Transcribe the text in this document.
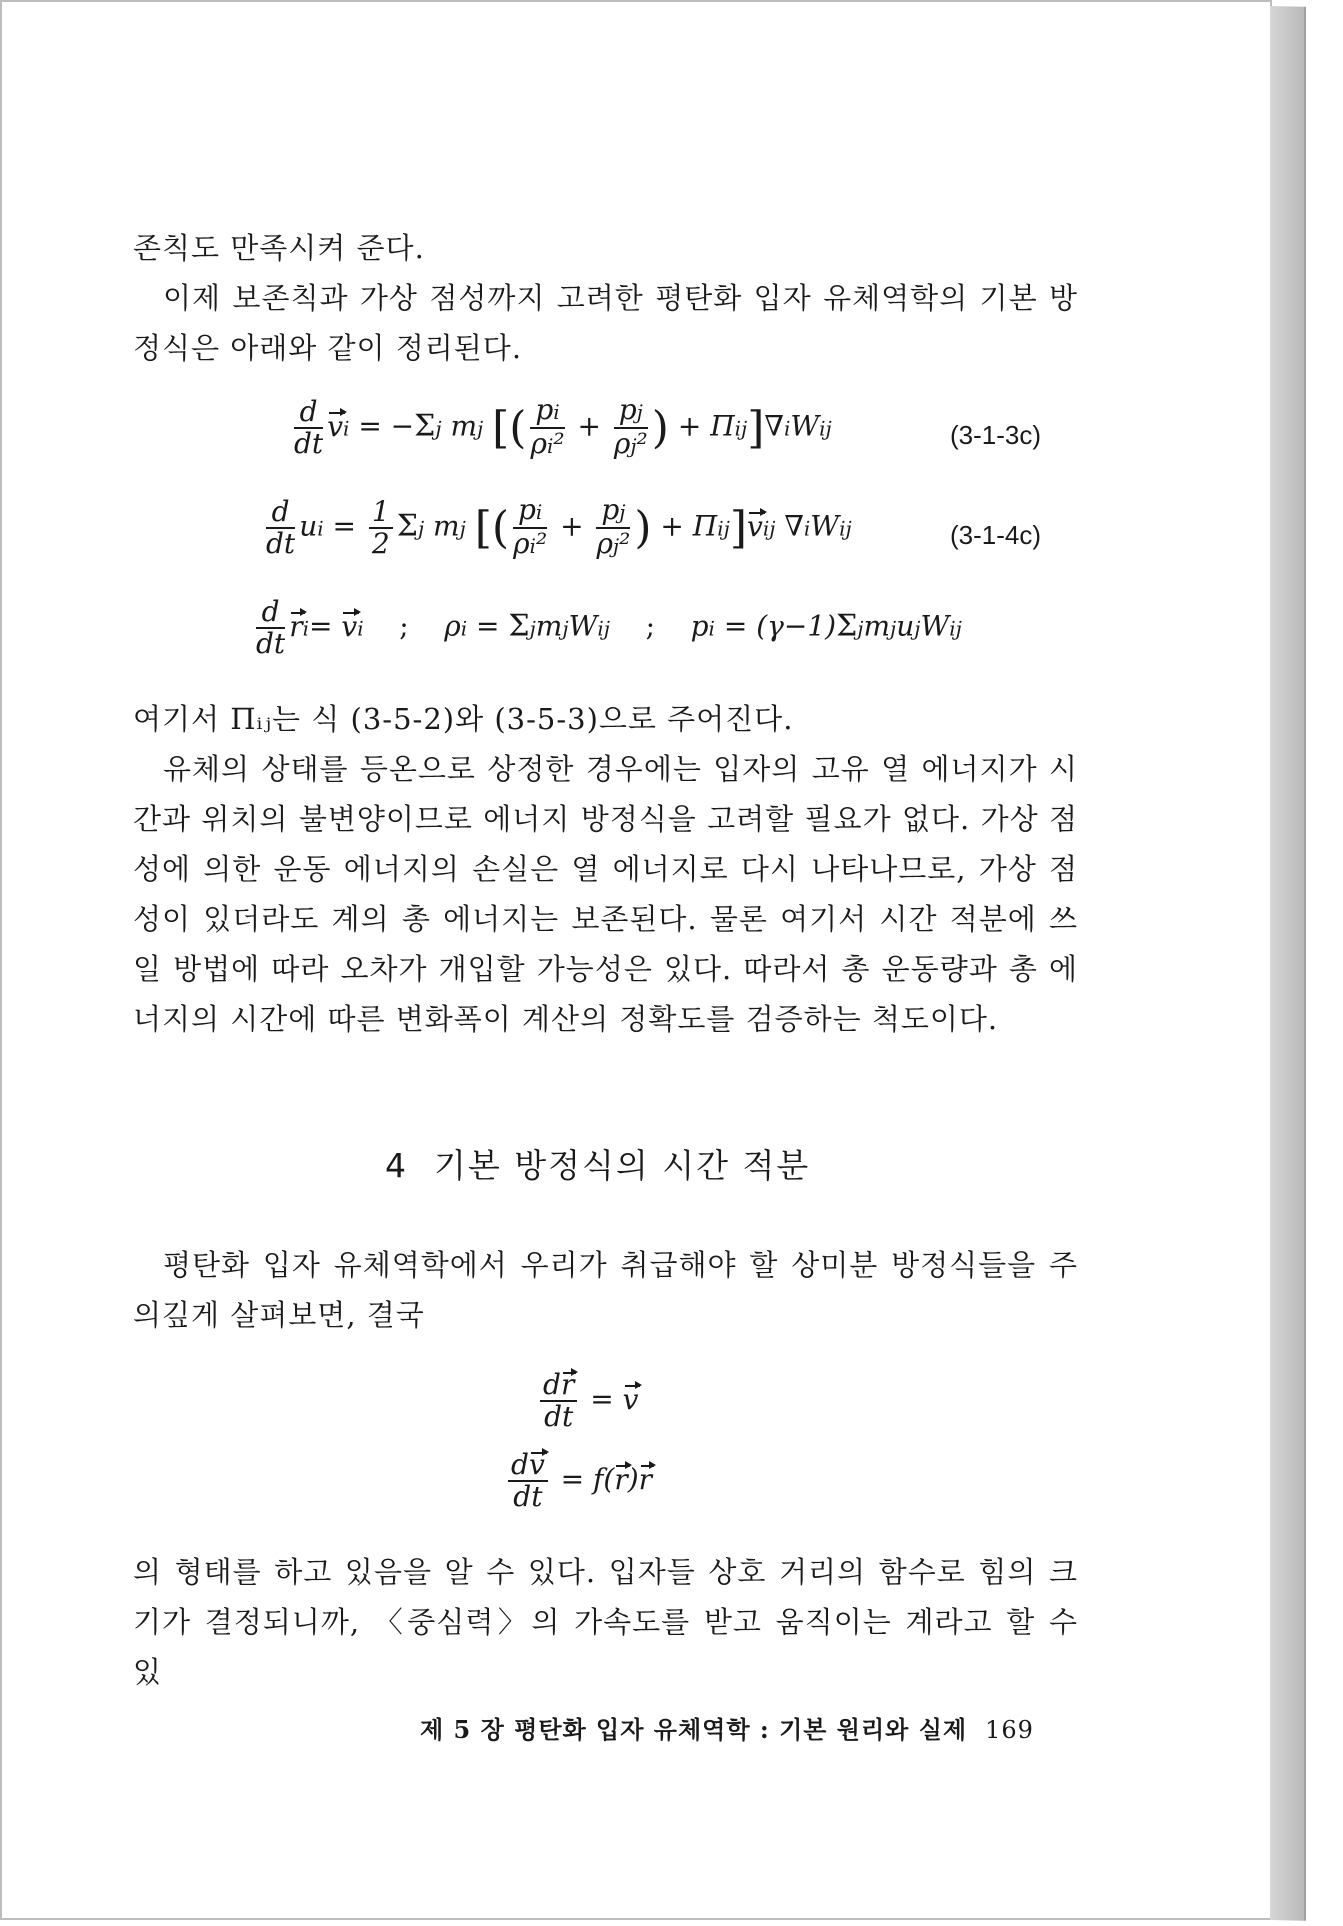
존칙도 만족시켜 준다.

이제 보존칙과 가상 점성까지 고려한 평탄화 입자 유체역학의 기본 방정식은 아래와 같이 정리된다.

$\frac{d}{dt}$ vi = −Σj mj [( $\frac{pi}{\text{ρi²}} + \frac{pj}{\text{ρj²}}$ ) + Πij]∇iWij	(3-1-3c)
$\frac{d}{dt}$ ui = $\frac{1}{2}$ Σj mj [( $\frac{pi}{\text{ρi²}} + \frac{pj}{\text{ρj²}}$ ) + Πij]vij ∇iWij	(3-1-4c)
$\frac{d}{dt} ri=$ vi ;    ρi = ΣjmjWij ;    pi = (γ−1)ΣjmjujWij

여기서 Πᵢⱼ는 식 (3-5-2)와 (3-5-3)으로 주어진다.

유체의 상태를 등온으로 상정한 경우에는 입자의 고유 열 에너지가 시간과 위치의 불변양이므로 에너지 방정식을 고려할 필요가 없다. 가상 점성에 의한 운동 에너지의 손실은 열 에너지로 다시 나타나므로, 가상 점성이 있더라도 계의 총 에너지는 보존된다. 물론 여기서 시간 적분에 쓰일 방법에 따라 오차가 개입할 가능성은 있다. 따라서 총 운동량과 총 에너지의 시간에 따른 변화폭이 계산의 정확도를 검증하는 척도이다.

4 기본 방정식의 시간 적분

평탄화 입자 유체역학에서 우리가 취급해야 할 상미분 방정식들을 주의깊게 살펴보면, 결국

$\frac{dr}{dt} = v$
$\frac{dv}{dt} = f(r)r$

의 형태를 하고 있음을 알 수 있다. 입자들 상호 거리의 함수로 힘의 크기가 결정되니까, 〈중심력〉의 가속도를 받고 움직이는 계라고 할 수 있

제 5 장 평탄화 입자 유체역학 : 기본 원리와 실제 169
